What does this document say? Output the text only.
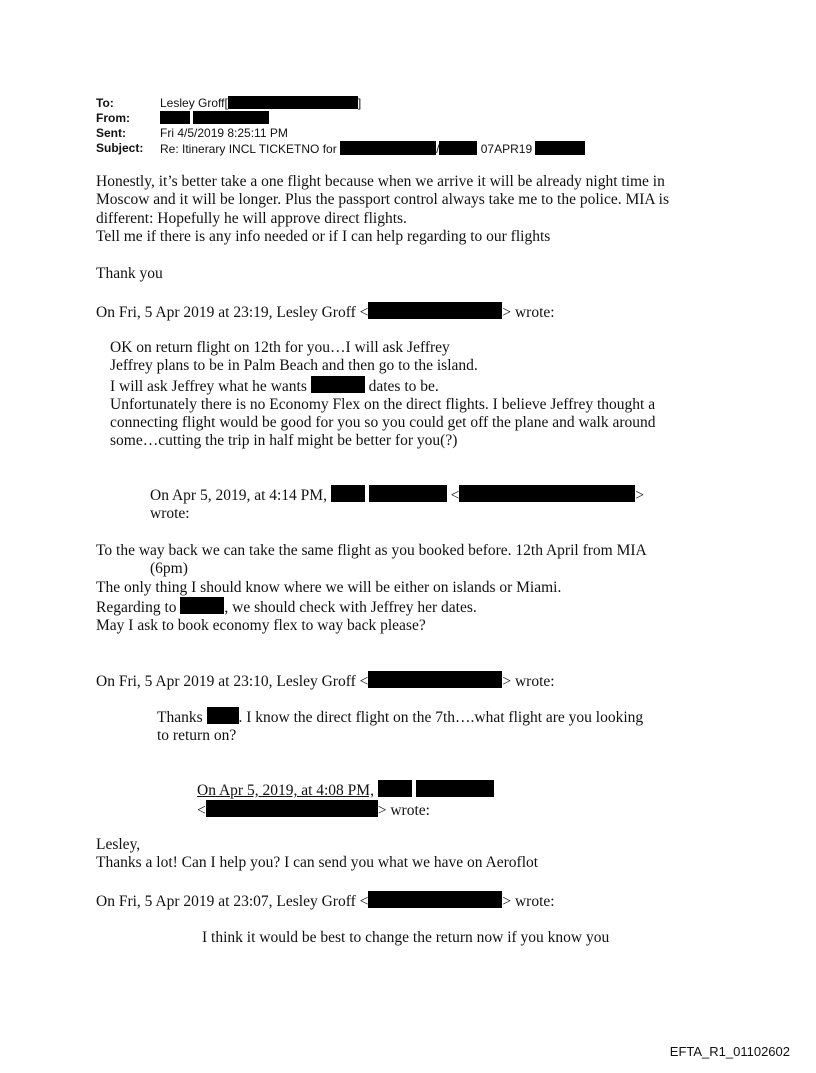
To:	Lesley Groff[	]
From:

Sent:	Fri 4/5/2019 8:25:11 PM
Subject: Re: Itinerary INCL TICKETNO for	/	07APR19
Honestly, it’s better take a one flight because when we arrive it will be already night time in
Moscow and it will be longer. Plus the passport control always take me to the police. MIA is
different: Hopefully he will approve direct flights.
Tell me if there is any info needed or if I can help regarding to our flights
Thank you
On Fri, 5 Apr 2019 at 23:19, Lesley Groff <	> wrote:
OK on return flight on 12th for you…I will ask Jeffrey
Jeffrey plans to be in Palm Beach and then go to the island.
I will ask Jeffrey what he wants	dates to be.
Unfortunately there is no Economy Flex on the direct flights. I believe Jeffrey thought a
connecting flight would be good for you so you could get off the plane and walk around
some…cutting the trip in half might be better for you(?)
On Apr 5, 2019, at 4:14 PM,	<	>
wrote:
To the way back we can take the same flight as you booked before. 12th April from MIA
(6pm)
The only thing I should know where we will be either on islands or Miami.
Regarding to	, we should check with Jeffrey her dates.
May I ask to book economy flex to way back please?
On Fri, 5 Apr 2019 at 23:10, Lesley Groff <	> wrote:
Thanks . I know the direct flight on the 7th….what flight are you looking
to return on?
On Apr 5, 2019, at 4:08 PM,
<	> wrote:
Lesley,
Thanks a lot! Can I help you? I can send you what we have on Aeroflot
On Fri, 5 Apr 2019 at 23:07, Lesley Groff <	> wrote:
I think it would be best to change the return now if you know you
EFTA_R1_01102602
